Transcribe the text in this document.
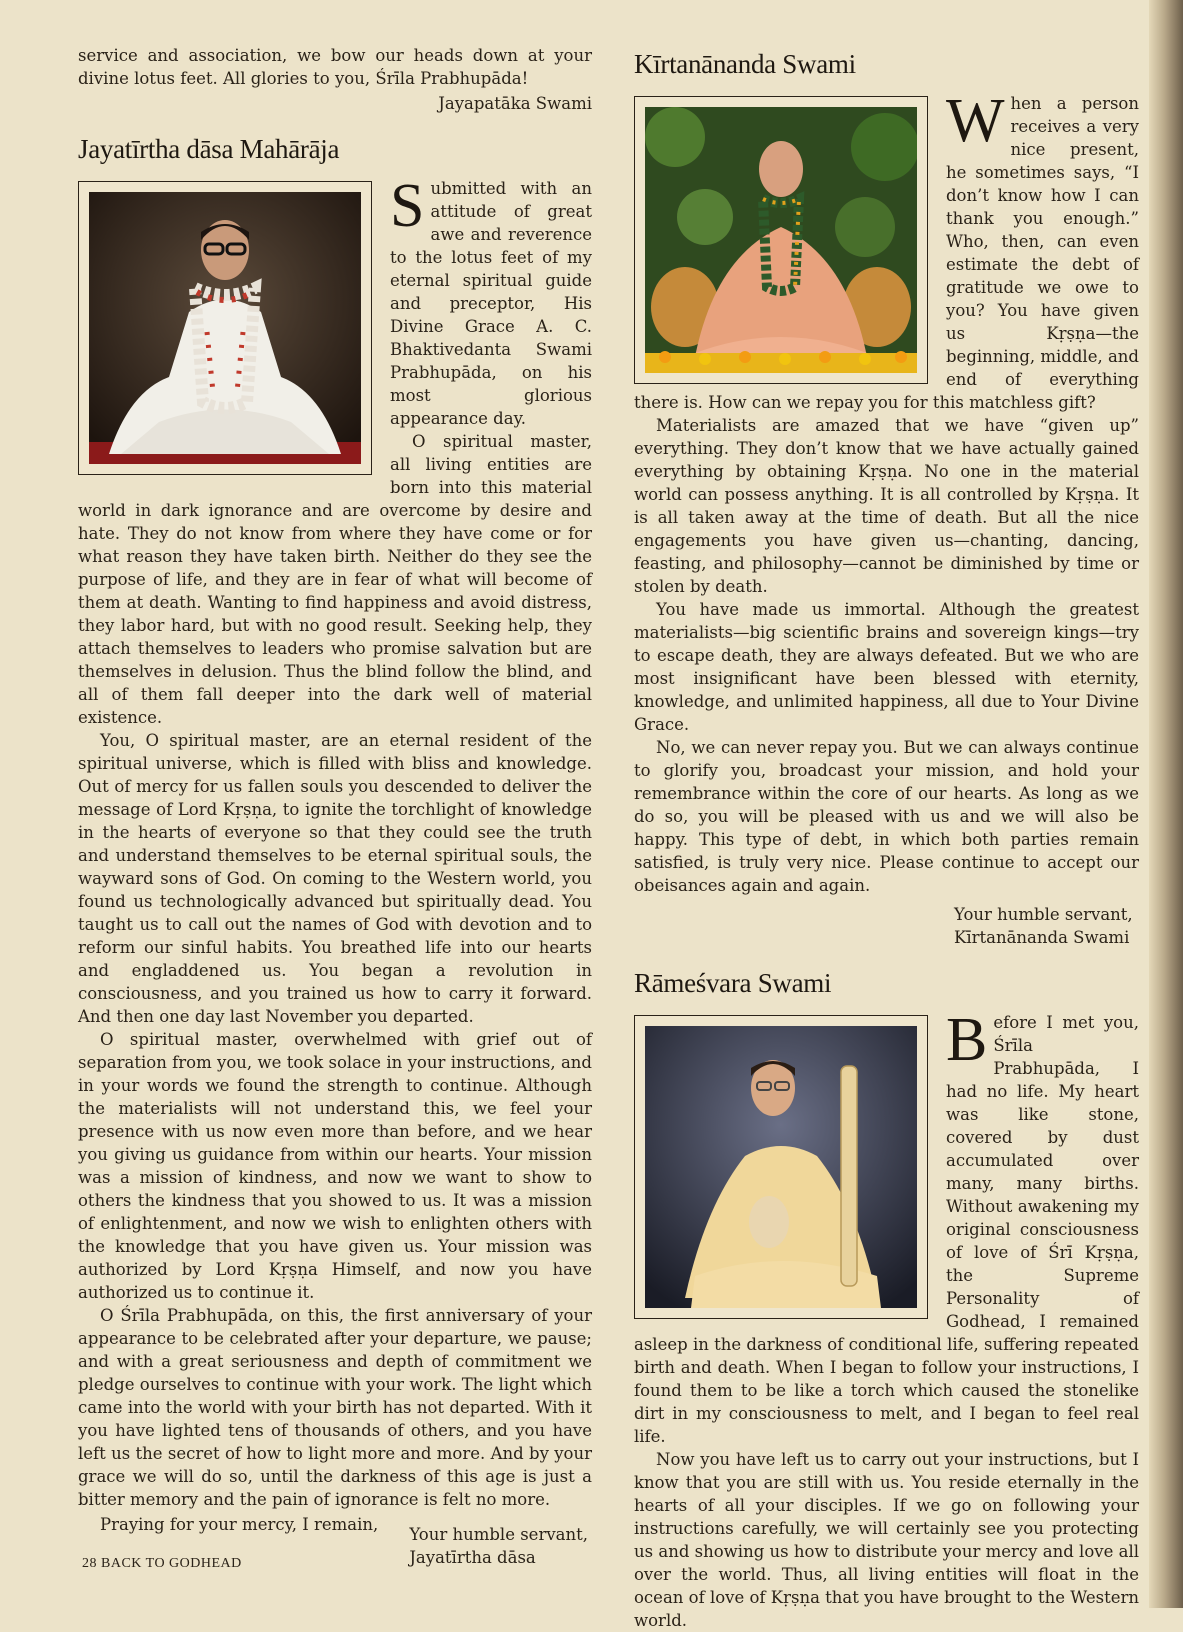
service and association, we bow our heads down at your divine lotus feet. All glories to you, Śrīla Prabhupāda!

Jayapatāka Swami
Jayatīrtha dāsa Mahārāja

Submitted with an attitude of great awe and reverence to the lotus feet of my eternal spiritual guide and preceptor, His Divine Grace A. C. Bhaktivedanta Swami Prabhupāda, on his most glorious appearance day.

O spiritual master, all living entities are born into this material world in dark ignorance and are overcome by desire and hate. They do not know from where they have come or for what reason they have taken birth. Neither do they see the purpose of life, and they are in fear of what will become of them at death. Wanting to find happiness and avoid distress, they labor hard, but with no good result. Seeking help, they attach themselves to leaders who promise salvation but are themselves in delusion. Thus the blind follow the blind, and all of them fall deeper into the dark well of material existence.

You, O spiritual master, are an eternal resident of the spiritual universe, which is filled with bliss and knowledge. Out of mercy for us fallen souls you descended to deliver the message of Lord Kṛṣṇa, to ignite the torchlight of knowledge in the hearts of everyone so that they could see the truth and understand themselves to be eternal spiritual souls, the wayward sons of God. On coming to the Western world, you found us technologically advanced but spiritually dead. You taught us to call out the names of God with devotion and to reform our sinful habits. You breathed life into our hearts and engladdened us. You began a revolution in consciousness, and you trained us how to carry it forward. And then one day last November you departed.

O spiritual master, overwhelmed with grief out of separation from you, we took solace in your instructions, and in your words we found the strength to continue. Although the materialists will not understand this, we feel your presence with us now even more than before, and we hear you giving us guidance from within our hearts. Your mission was a mission of kindness, and now we want to show to others the kindness that you showed to us. It was a mission of enlightenment, and now we wish to enlighten others with the knowledge that you have given us. Your mission was authorized by Lord Kṛṣṇa Himself, and now you have authorized us to continue it.

O Śrīla Prabhupāda, on this, the first anniversary of your appearance to be celebrated after your departure, we pause; and with a great seriousness and depth of commitment we pledge ourselves to continue with your work. The light which came into the world with your birth has not departed. With it you have lighted tens of thousands of others, and you have left us the secret of how to light more and more. And by your grace we will do so, until the darkness of this age is just a bitter memory and the pain of ignorance is felt no more.

Praying for your mercy, I remain,
Your humble servant,
Jayatīrtha dāsa
Kīrtanānanda Swami

When a person receives a very nice present, he sometimes says, “I don’t know how I can thank you enough.” Who, then, can even estimate the debt of gratitude we owe to you? You have given us Kṛṣṇa—the beginning, middle, and end of everything there is. How can we repay you for this matchless gift?

Materialists are amazed that we have “given up” everything. They don’t know that we have actually gained everything by obtaining Kṛṣṇa. No one in the material world can possess anything. It is all controlled by Kṛṣṇa. It is all taken away at the time of death. But all the nice engagements you have given us—chanting, dancing, feasting, and philosophy—cannot be diminished by time or stolen by death.

You have made us immortal. Although the greatest materialists—big scientific brains and sovereign kings—try to escape death, they are always defeated. But we who are most insignificant have been blessed with eternity, knowledge, and unlimited happiness, all due to Your Divine Grace.

No, we can never repay you. But we can always continue to glorify you, broadcast your mission, and hold your remembrance within the core of our hearts. As long as we do so, you will be pleased with us and we will also be happy. This type of debt, in which both parties remain satisfied, is truly very nice. Please continue to accept our obeisances again and again.

Your humble servant,
Kīrtanānanda Swami
Rāmeśvara Swami

Before I met you, Śrīla Prabhupāda, I had no life. My heart was like stone, covered by dust accumulated over many, many births. Without awakening my original consciousness of love of Śrī Kṛṣṇa, the Supreme Personality of Godhead, I remained asleep in the darkness of conditional life, suffering repeated birth and death. When I began to follow your instructions, I found them to be like a torch which caused the stonelike dirt in my consciousness to melt, and I began to feel real life.

Now you have left us to carry out your instructions, but I know that you are still with us. You reside eternally in the hearts of all your disciples. If we go on following your instructions carefully, we will certainly see you protecting us and showing us how to distribute your mercy and love all over the world. Thus, all living entities will float in the ocean of love of Kṛṣṇa that you have brought to the Western world.

28 BACK TO GODHEAD
